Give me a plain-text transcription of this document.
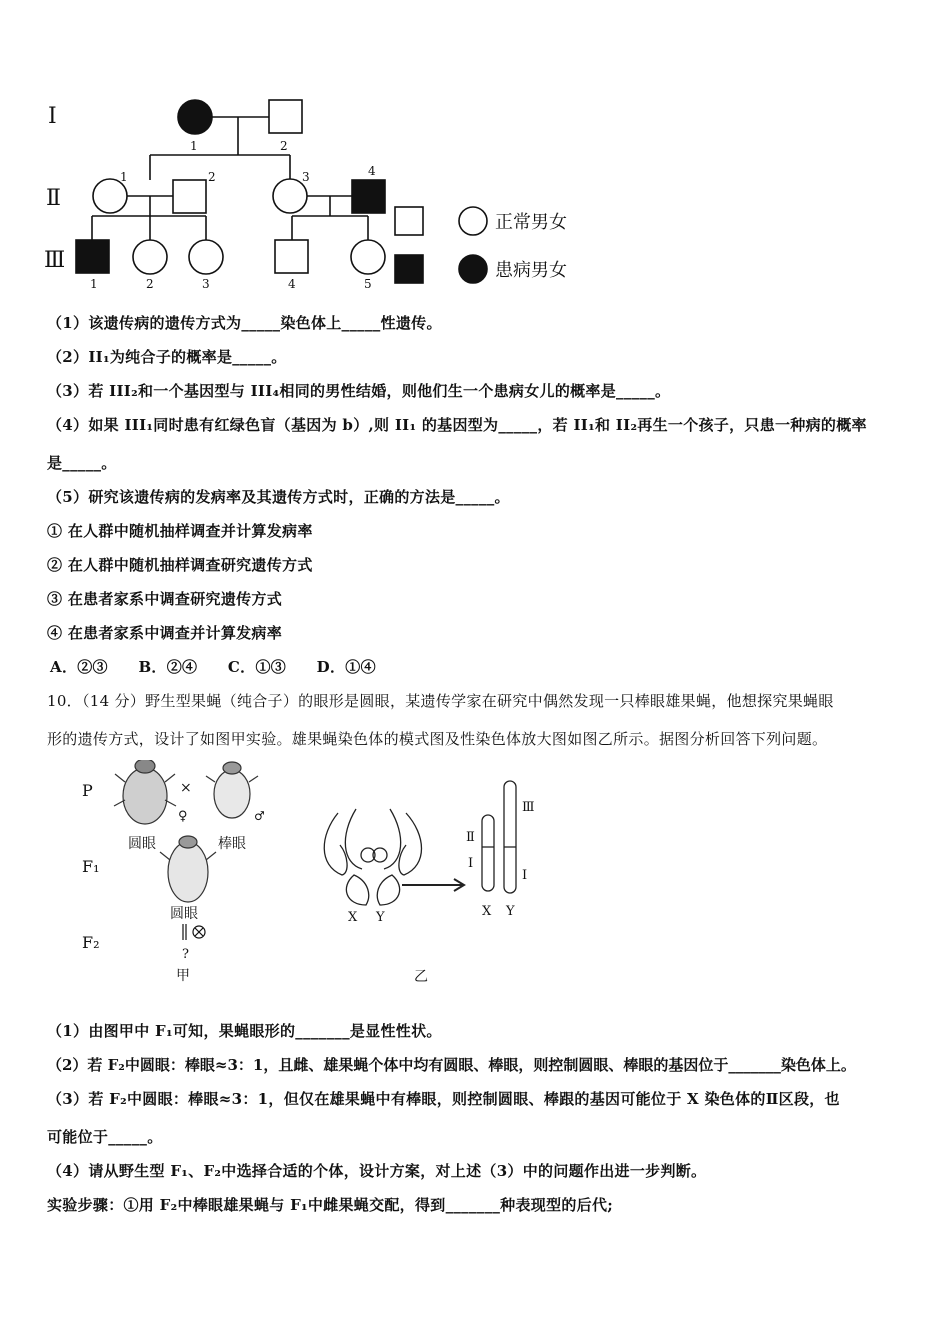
I
Ⅱ
Ⅲ
1	2
1	2	3	4
1	2	3	4	5
正常男女
患病男女
（1）该遗传病的遗传方式为_____染色体上_____性遗传。
（2）II₁为纯合子的概率是_____。
（3）若 III₂和一个基因型与 III₄相同的男性结婚，则他们生一个患病女儿的概率是_____。
（4）如果 III₁同时患有红绿色盲（基因为 b）,则 II₁ 的基因型为_____，若 II₁和 II₂再生一个孩子，只患一种病的概率
是_____。
（5）研究该遗传病的发病率及其遗传方式时，正确的方法是_____。
① 在人群中随机抽样调查并计算发病率
② 在人群中随机抽样调查研究遗传方式
③ 在患者家系中调查研究遗传方式
④ 在患者家系中调查并计算发病率
A．②③　　B．②④　　C．①③　　D．①④
10．（14 分）野生型果蝇（纯合子）的眼形是圆眼，某遗传学家在研究中偶然发现一只棒眼雄果蝇，他想探究果蝇眼
形的遗传方式，设计了如图甲实验。雄果蝇染色体的模式图及性染色体放大图如图乙所示。据图分析回答下列问题。
P
F₁
F₂
×
♀	♂
圆眼	棒眼
圆眼
?
甲
X Y
Ⅱ
I
Ⅲ
I
X Y
乙
（1）由图甲中 F₁可知，果蝇眼形的_______是显性性状。
（2）若 F₂中圆眼：棒眼≈3：1，且雌、雄果蝇个体中均有圆眼、棒眼，则控制圆眼、棒眼的基因位于_______染色体上。
（3）若 F₂中圆眼：棒眼≈3：1，但仅在雄果蝇中有棒眼，则控制圆眼、棒跟的基因可能位于 X 染色体的Ⅱ区段，也
可能位于_____。
（4）请从野生型 F₁、F₂中选择合适的个体，设计方案，对上述（3）中的问题作出进一步判断。
实验步骤：①用 F₂中棒眼雄果蝇与 F₁中雌果蝇交配，得到_______种表现型的后代;
